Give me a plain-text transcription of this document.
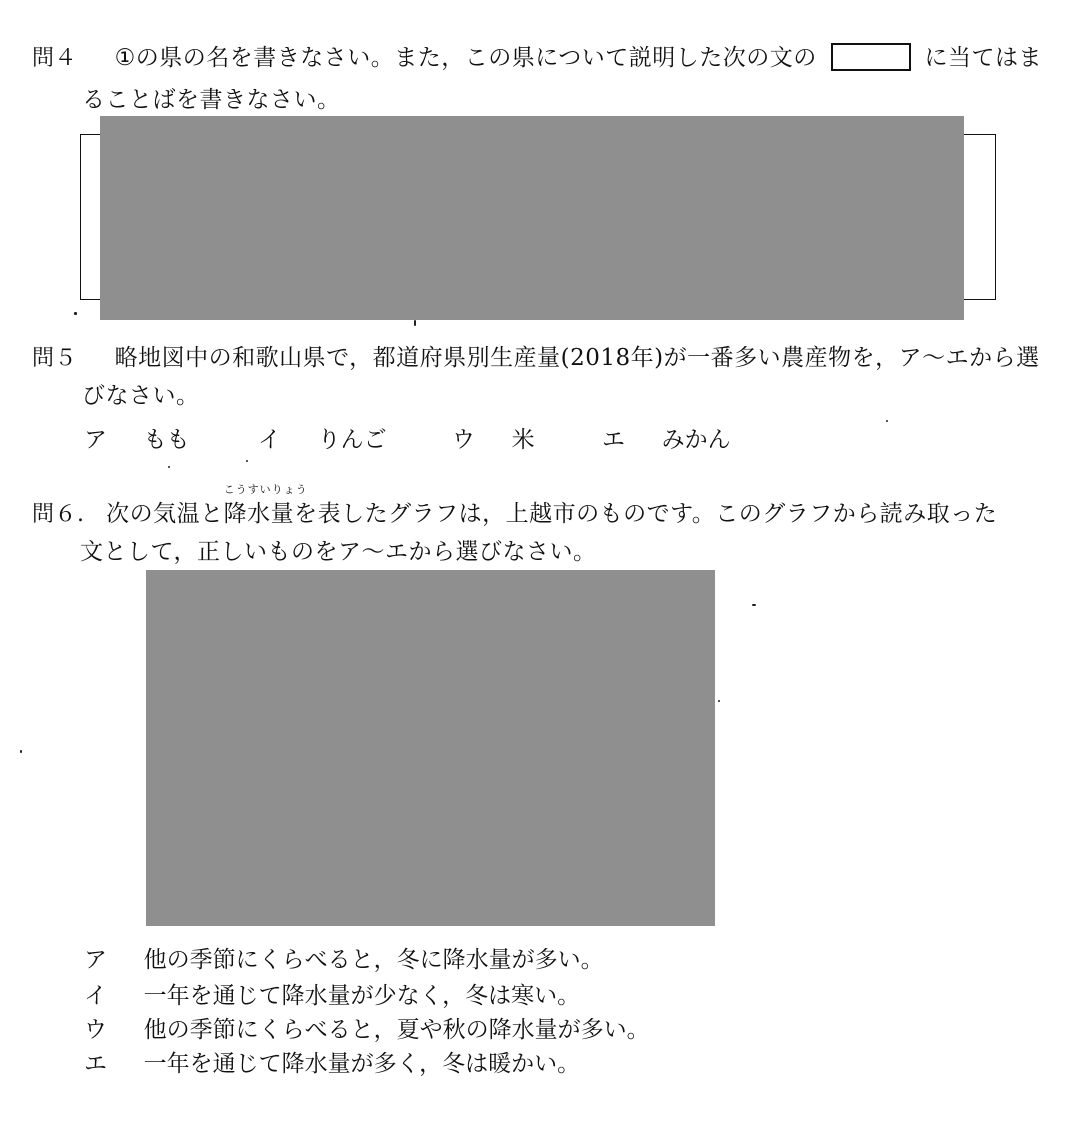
問４ ①の県の名を書きなさい。また，この県について説明した次の文の	に当てはま
ることばを書きなさい。
問５ 略地図中の和歌山県で，都道府県別生産量(2018年)が一番多い農産物を，ア〜エから選
びなさい。
ア もも	イ りんご	ウ 米	エ みかん
問６. 次の気温と
こうすいりょう
降水量を表したグラフは，上越市のものです。このグラフから読み取った
文として，正しいものをア〜エから選びなさい。
ア 他の季節にくらべると，冬に降水量が多い。
イ 一年を通じて降水量が少なく，冬は寒い。
ウ 他の季節にくらべると，夏や秋の降水量が多い。
エ 一年を通じて降水量が多く，冬は暖かい。
